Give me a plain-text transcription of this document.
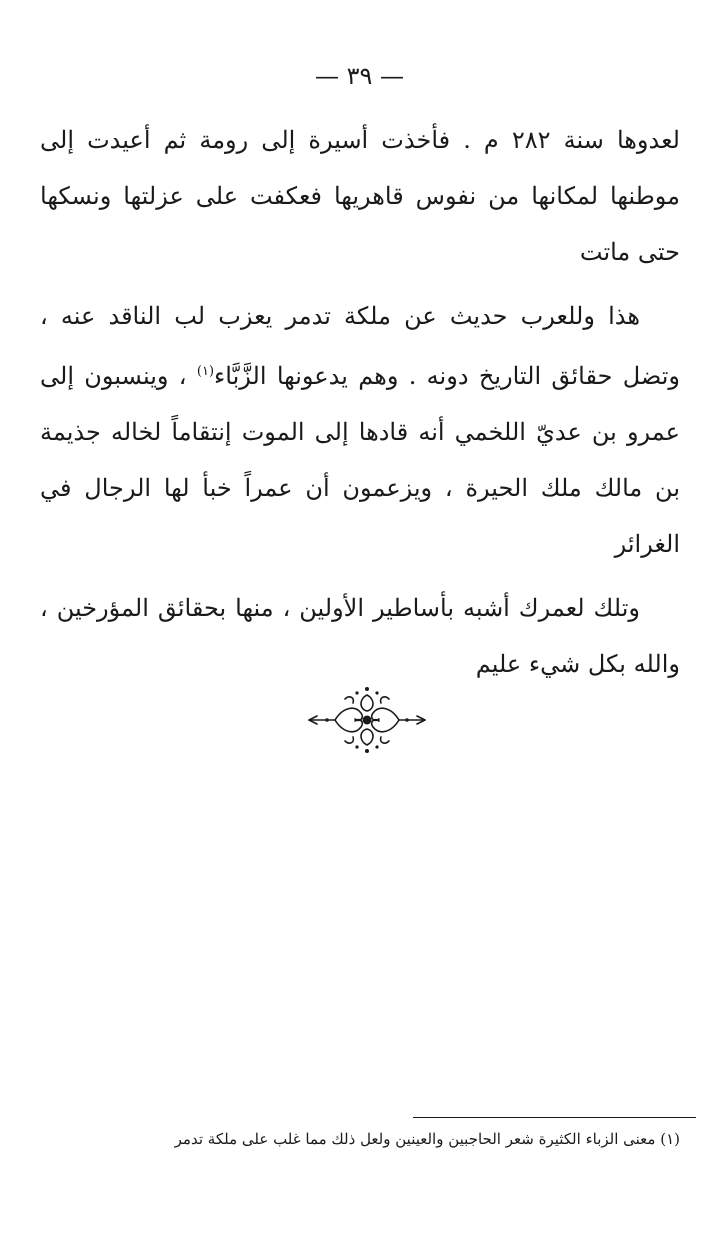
— ٣٩ —

لعدوها سنة ٢٨٢ م . فأخذت أسيرة إلى رومة ثم أعيدت إلى موطنها لمكانها من نفوس قاهريها فعكفت على عزلتها ونسكها حتى ماتت

هذا وللعرب حديث عن ملكة تدمر يعزب لب الناقد عنه ، وتضل حقائق التاريخ دونه . وهم يدعونها الزَّبَّاء$^{(١)}$ ، وينسبون إلى عمرو بن عديّ اللخمي أنه قادها إلى الموت إنتقاماً لخاله جذيمة بن مالك ملك الحيرة ، ويزعمون أن عمراً خبأ لها الرجال في الغرائر

وتلك لعمرك أشبه بأساطير الأولين ، منها بحقائق المؤرخين ، والله بكل شيء عليم

(١) معنى الزباء الكثيرة شعر الحاجبين والعينين ولعل ذلك مما غلب على ملكة تدمر
